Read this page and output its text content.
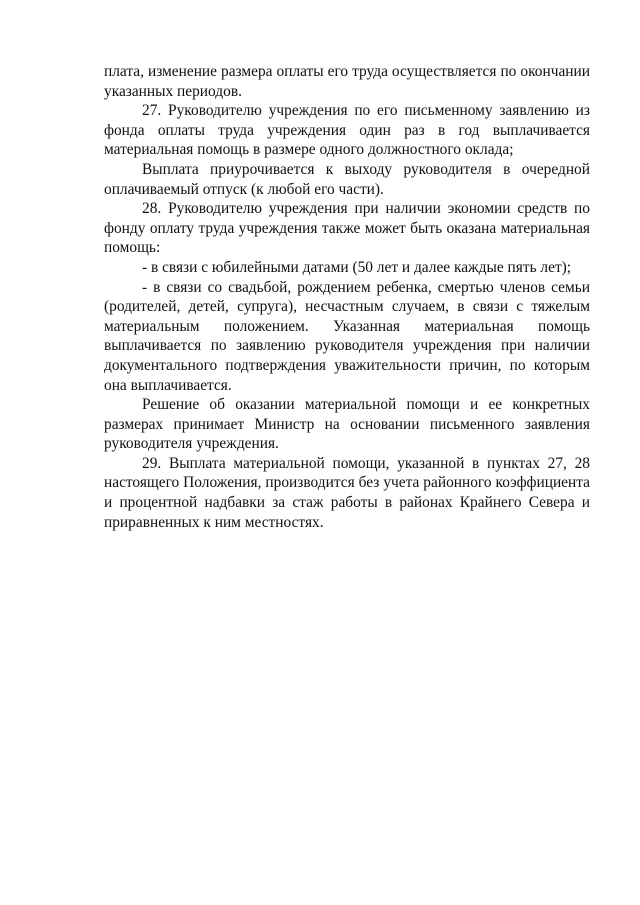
плата, изменение размера оплаты его труда осуществляется по окончании указанных периодов.

27. Руководителю учреждения по его письменному заявлению из фонда оплаты труда учреждения один раз в год выплачивается материальная помощь в размере одного должностного оклада;

Выплата приурочивается к выходу руководителя в очередной оплачиваемый отпуск (к любой его части).

28. Руководителю учреждения при наличии экономии средств по фонду оплату труда учреждения также может быть оказана материальная помощь:

- в связи с юбилейными датами (50 лет и далее каждые пять лет);

- в связи со свадьбой, рождением ребенка, смертью членов семьи (родителей, детей, супруга), несчастным случаем, в связи с тяжелым материальным положением. Указанная материальная помощь выплачивается по заявлению руководителя учреждения при наличии документального подтверждения уважительности причин, по которым она выплачивается.

Решение об оказании материальной помощи и ее конкретных размерах принимает Министр на основании письменного заявления руководителя учреждения.

29. Выплата материальной помощи, указанной в пунктах 27, 28 настоящего Положения, производится без учета районного коэффициента и процентной надбавки за стаж работы в районах Крайнего Севера и приравненных к ним местностях.
